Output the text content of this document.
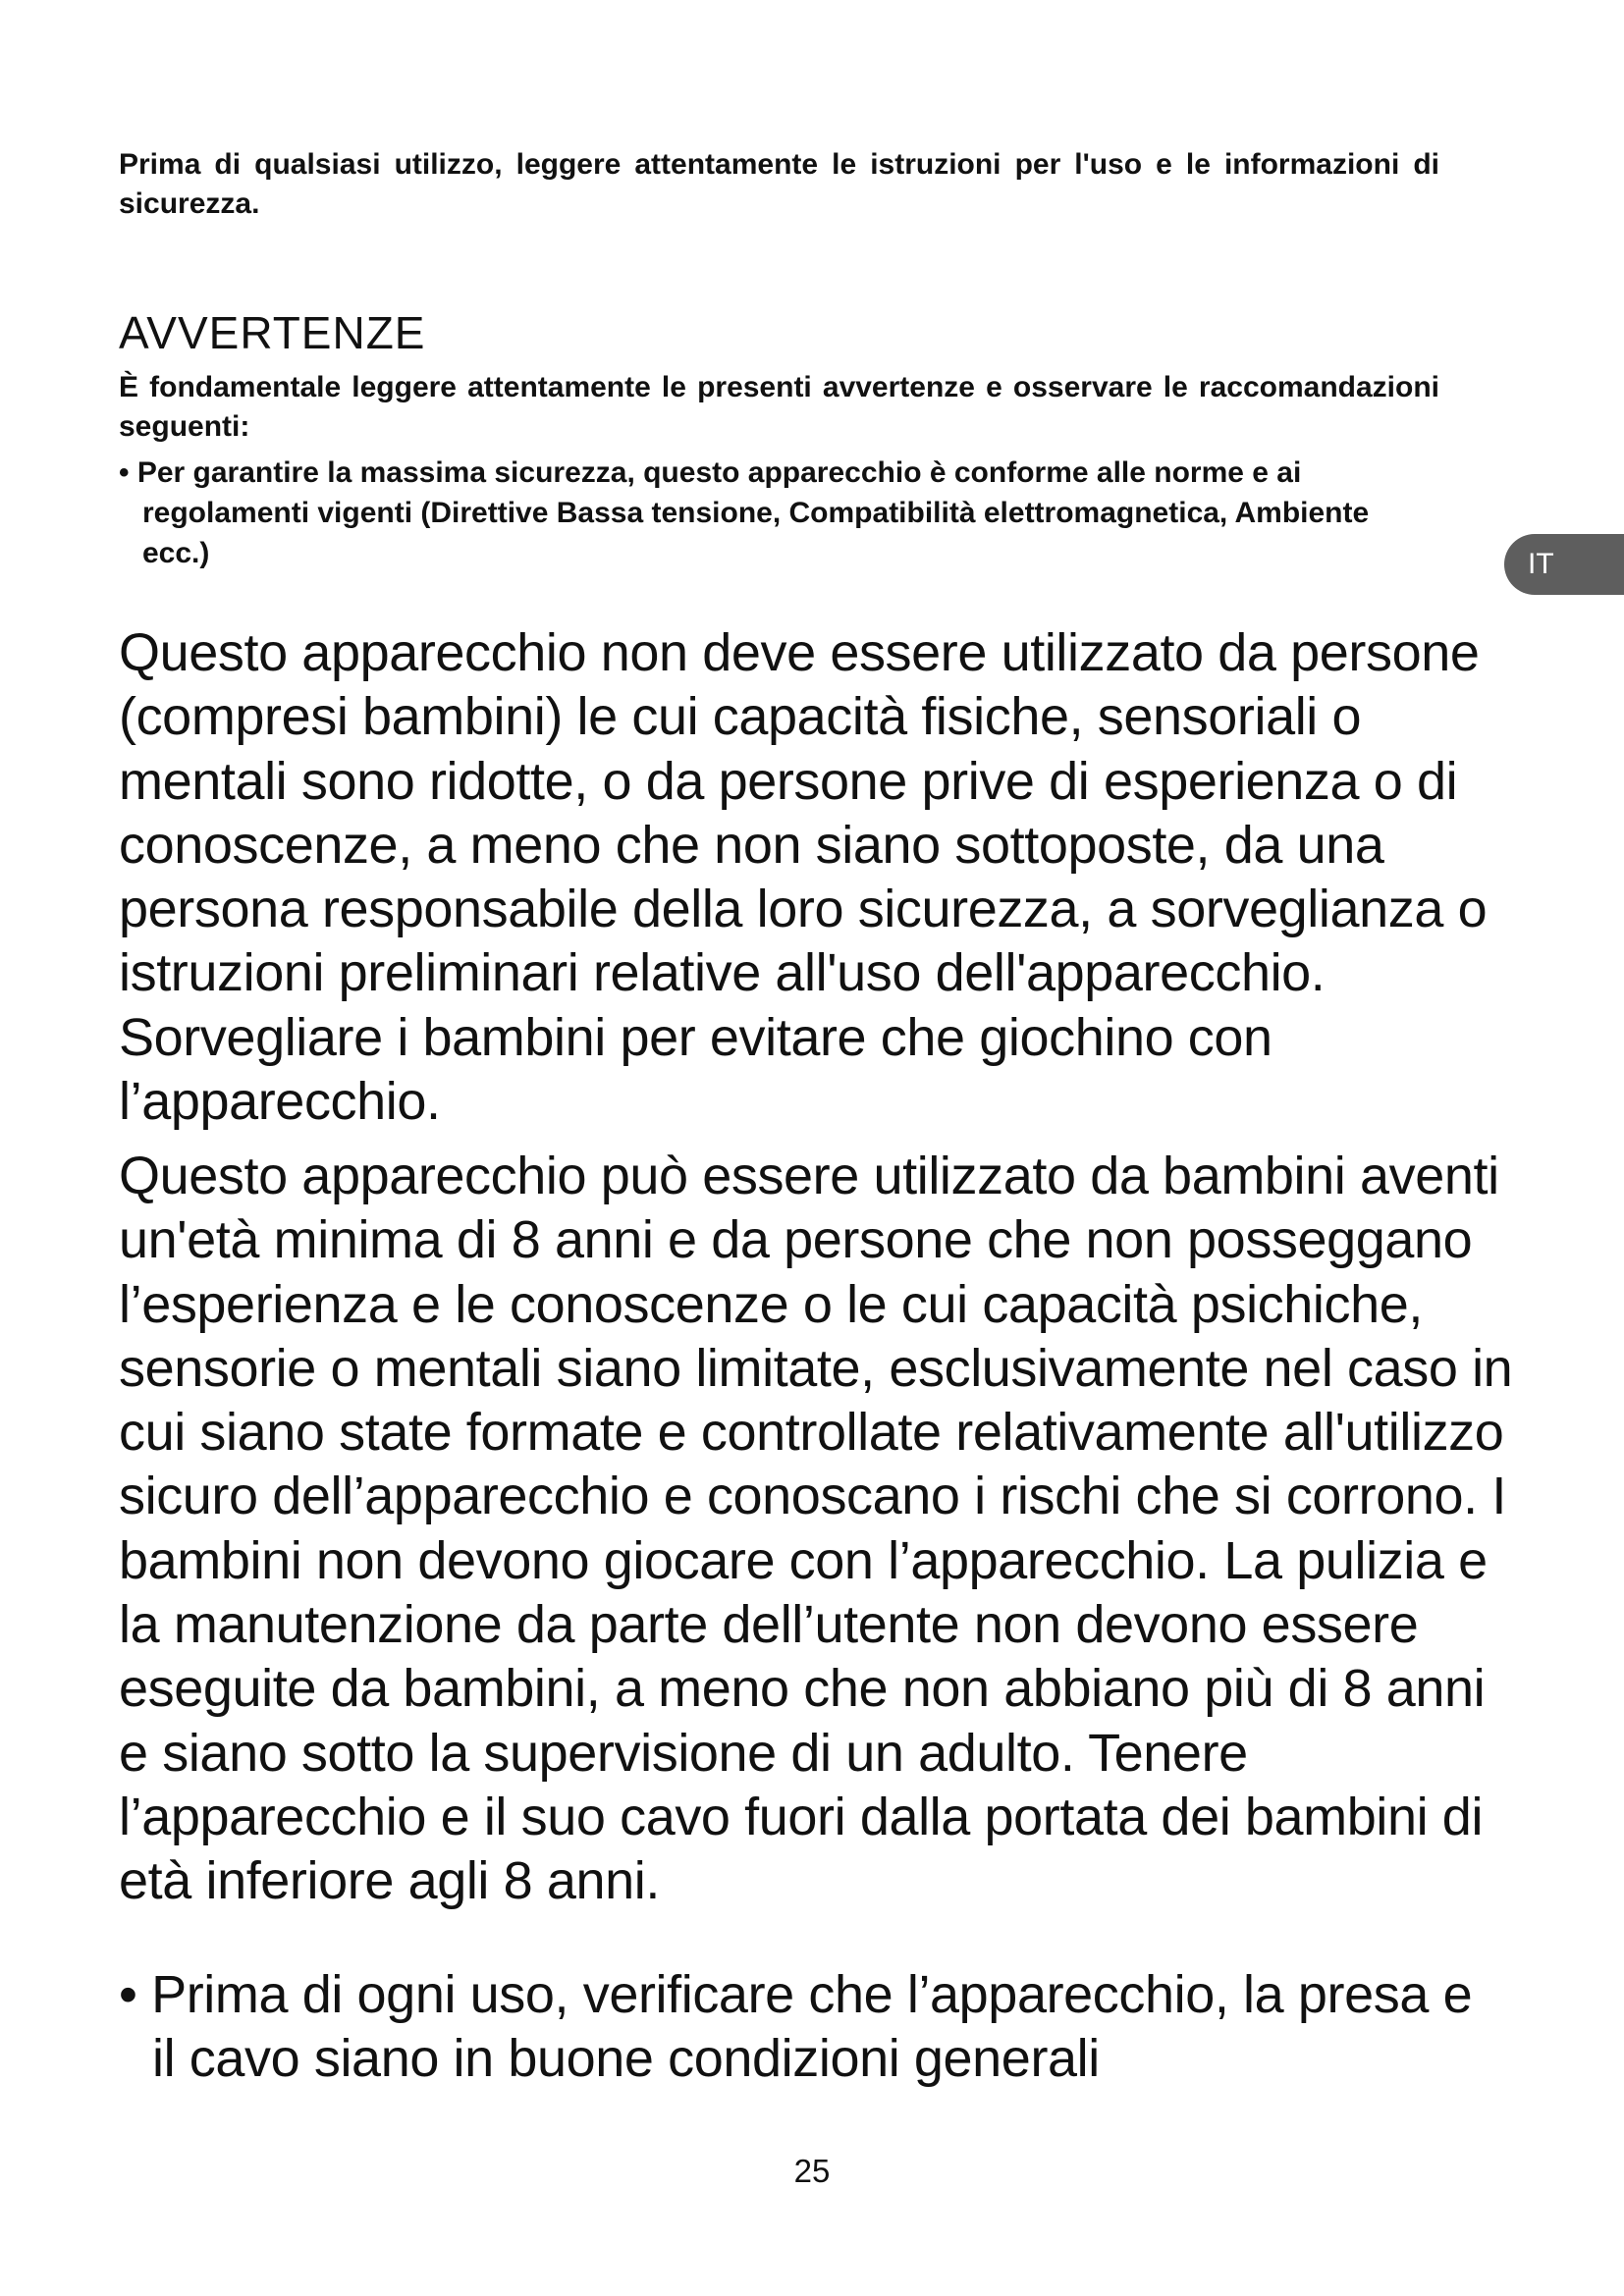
Prima di qualsiasi utilizzo, leggere attentamente le istruzioni per l'uso e le informazioni di sicurezza.

AVVERTENZE

È fondamentale leggere attentamente le presenti avvertenze e osservare le raccomandazioni seguenti:

• Per garantire la massima sicurezza, questo apparecchio è conforme alle norme e ai
regolamenti vigenti (Direttive Bassa tensione, Compatibilità elettromagnetica, Ambiente
ecc.)	IT

Questo apparecchio non deve essere utilizzato da persone
(compresi bambini) le cui capacità fisiche, sensoriali o
mentali sono ridotte, o da persone prive di esperienza o di
conoscenze, a meno che non siano sottoposte, da una
persona responsabile della loro sicurezza, a sorveglianza o
istruzioni preliminari relative all'uso dell'apparecchio.
Sorvegliare i bambini per evitare che giochino con
l’apparecchio.

Questo apparecchio può essere utilizzato da bambini aventi
un'età minima di 8 anni e da persone che non posseggano
l’esperienza e le conoscenze o le cui capacità psichiche,
sensorie o mentali siano limitate, esclusivamente nel caso in
cui siano state formate e controllate relativamente all'utilizzo
sicuro dell’apparecchio e conoscano i rischi che si corrono. I
bambini non devono giocare con l’apparecchio. La pulizia e
la manutenzione da parte dell’utente non devono essere
eseguite da bambini, a meno che non abbiano più di 8 anni
e siano sotto la supervisione di un adulto. Tenere
l’apparecchio e il suo cavo fuori dalla portata dei bambini di
età inferiore agli 8 anni.

• Prima di ogni uso, verificare che l’apparecchio, la presa e
il cavo siano in buone condizioni generali

25
